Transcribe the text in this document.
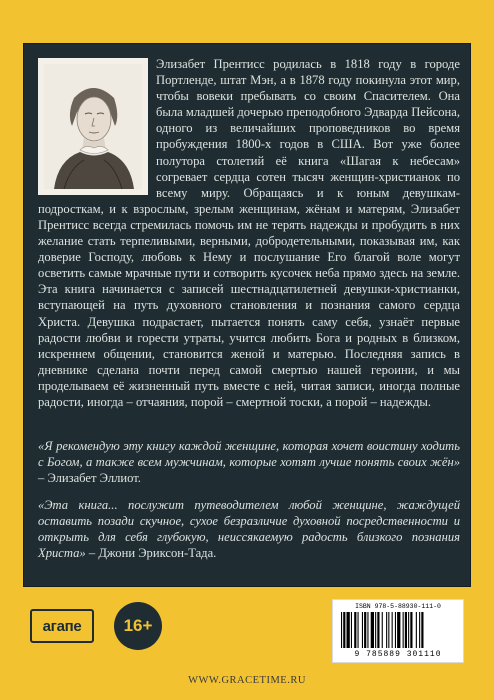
Элизабет Прентисс родилась в 1818 году в городе Портленде, штат Мэн, а в 1878 году покинула этот мир, чтобы вовеки пребывать со своим Спасителем. Она была младшей дочерью преподобного Эдварда Пейсона, одного из величайших проповедников во время пробуждения 1800-х годов в США. Вот уже более полутора столетий её книга «Шагая к небесам» согревает сердца сотен тысяч женщин-христианок по всему миру. Обращаясь и к юным девушкам-подросткам, и к взрослым, зрелым женщинам, жёнам и матерям, Элизабет Прентисс всегда стремилась помочь им не терять надежды и пробудить в них желание стать терпеливыми, верными, добродетельными, показывая им, как доверие Господу, любовь к Нему и послушание Его благой воле могут осветить самые мрачные пути и сотворить кусочек неба прямо здесь на земле. Эта книга начинается с записей шестнадцатилетней девушки-христианки, вступающей на путь духовного становления и познания самого сердца Христа. Девушка подрастает, пытается понять саму себя, узнаёт первые радости любви и горести утраты, учится любить Бога и родных в близком, искреннем общении, становится женой и матерью. Последняя запись в дневнике сделана почти перед самой смертью нашей героини, и мы проделываем её жизненный путь вместе с ней, читая записи, иногда полные радости, иногда – отчаяния, порой – смертной тоски, а порой – надежды.

«Я рекомендую эту книгу каждой женщине, которая хочет воистину ходить с Богом, а также всем мужчинам, которые хотят лучше понять своих жён» – Элизабет Эллиот.

«Эта книга... послужит путеводителем любой женщине, жаждущей оставить позади скучное, сухое безразличие духовной посредственности и открыть для себя глубокую, неиссякаемую радость близкого познания Христа» – Джони Эриксон-Тада.

агапе 16+
ISBN 978-5-88930-111-0
9 785889 301110
WWW.GRACETIME.RU
